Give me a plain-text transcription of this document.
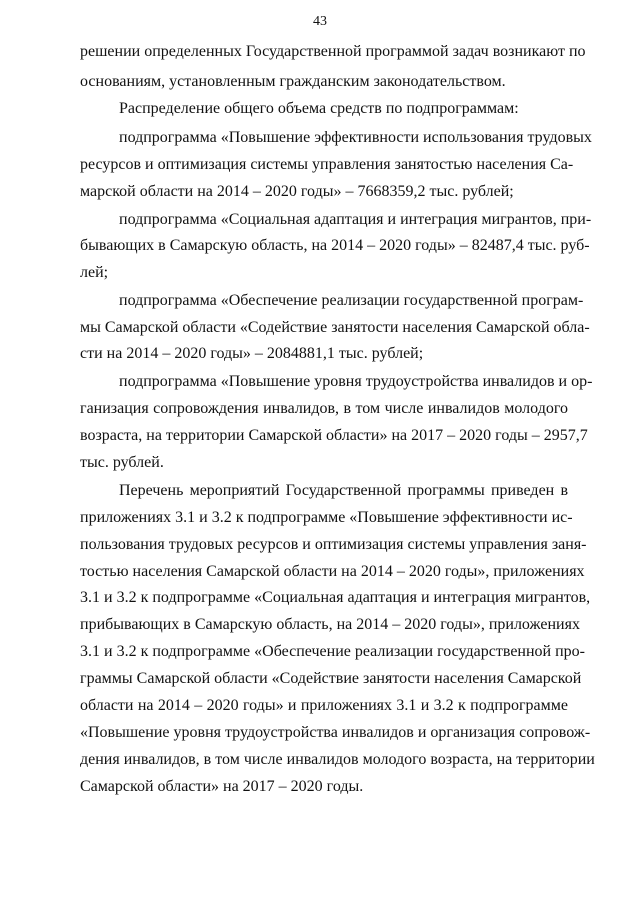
43
решении определенных Государственной программой задач возникают по
основаниям, установленным гражданским законодательством.
Распределение общего объема средств по подпрограммам:
подпрограмма «Повышение эффективности использования трудовых
ресурсов и оптимизация системы управления занятостью населения Са-
марской области на 2014 – 2020 годы» – 7668359,2 тыс. рублей;
подпрограмма «Социальная адаптация и интеграция мигрантов, при-
бывающих в Самарскую область, на 2014 – 2020 годы» – 82487,4 тыс. руб-
лей;
подпрограмма «Обеспечение реализации государственной програм-
мы Самарской области «Содействие занятости населения Самарской обла-
сти на 2014 – 2020 годы» – 2084881,1 тыс. рублей;
подпрограмма «Повышение уровня трудоустройства инвалидов и ор-
ганизация сопровождения инвалидов, в том числе инвалидов молодого
возраста, на территории Самарской области» на 2017 – 2020 годы – 2957,7
тыс. рублей.
Перечень мероприятий Государственной программы приведен в
приложениях 3.1 и 3.2 к подпрограмме «Повышение эффективности ис-
пользования трудовых ресурсов и оптимизация системы управления заня-
тостью населения Самарской области на 2014 – 2020 годы», приложениях
3.1 и 3.2 к подпрограмме «Социальная адаптация и интеграция мигрантов,
прибывающих в Самарскую область, на 2014 – 2020 годы», приложениях
3.1 и 3.2 к подпрограмме «Обеспечение реализации государственной про-
граммы Самарской области «Содействие занятости населения Самарской
области на 2014 – 2020 годы» и приложениях 3.1 и 3.2 к подпрограмме
«Повышение уровня трудоустройства инвалидов и организация сопровож-
дения инвалидов, в том числе инвалидов молодого возраста, на территории
Самарской области» на 2017 – 2020 годы.
